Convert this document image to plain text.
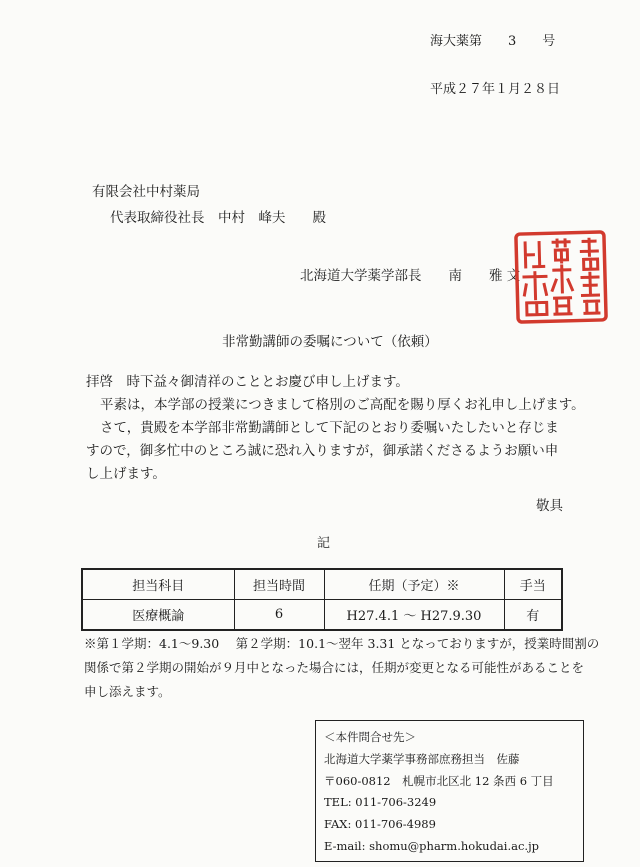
海大薬第　　3　　号
平成２７年１月２８日
有限会社中村薬局
代表取締役社長　中村　峰夫　　殿
北海道大学薬学部長　　南　　雅 文
非常勤講師の委嘱について（依頼）
拝啓　時下益々御清祥のこととお慶び申し上げます。
平素は，本学部の授業につきまして格別のご高配を賜り厚くお礼申し上げます。
さて，貴殿を本学部非常勤講師として下記のとおり委嘱いたしたいと存じま
すので，御多忙中のところ誠に恐れ入りますが，御承諾くださるようお願い申
し上げます。
敬具
記
担当科目	担当時間	任期（予定）※	手当
医療概論	6	H27.4.1 〜 H27.9.30	有
※第１学期：4.1〜9.30　 第２学期：10.1〜翌年 3.31 となっておりますが，授業時間割の
関係で第２学期の開始が９月中となった場合には，任期が変更となる可能性があることを
申し添えます。
＜本件問合せ先＞
北海道大学薬学事務部庶務担当　佐藤
〒060-0812　札幌市北区北 12 条西 6 丁目
TEL: 011-706-3249
FAX: 011-706-4989
E-mail: shomu@pharm.hokudai.ac.jp
